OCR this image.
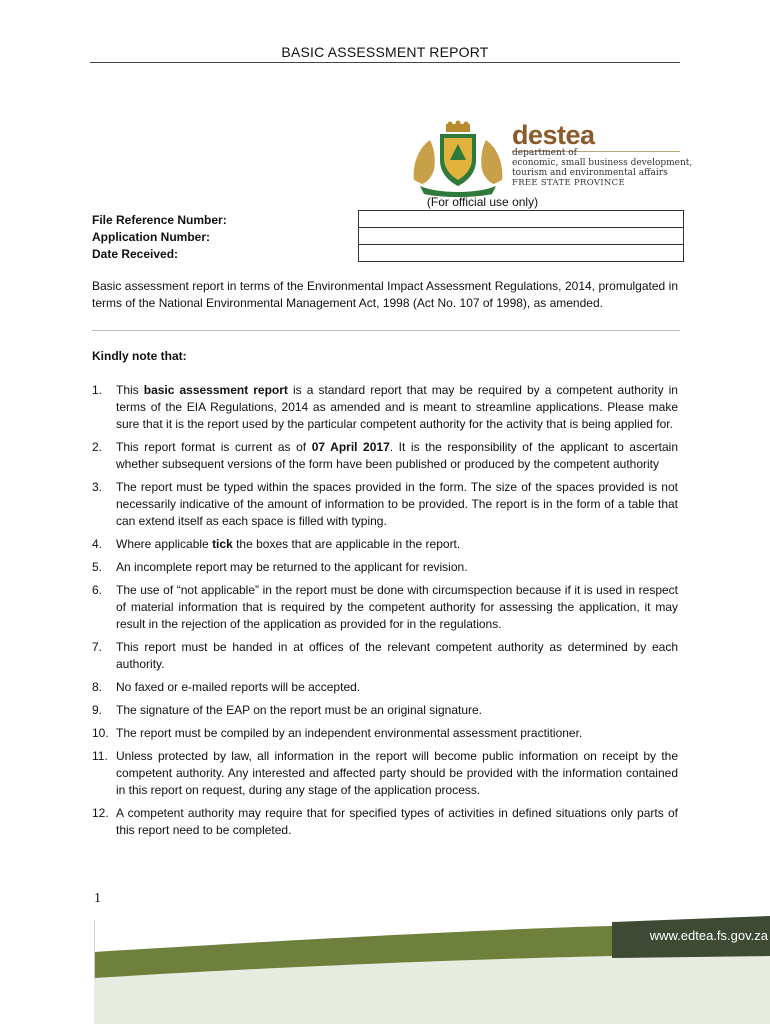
BASIC ASSESSMENT REPORT
destea
department of
economic, small business development,
tourism and environmental affairs
FREE STATE PROVINCE
(For official use only)
File Reference Number:
Application Number:
Date Received:

Basic assessment report in terms of the Environmental Impact Assessment Regulations, 2014, promulgated in terms of the National Environmental Management Act, 1998 (Act No. 107 of 1998), as amended.
Kindly note that:
1.	This basic assessment report is a standard report that may be required by a competent authority in terms of the EIA Regulations, 2014 as amended and is meant to streamline applications. Please make sure that it is the report used by the particular competent authority for the activity that is being applied for.
2.	This report format is current as of 07 April 2017. It is the responsibility of the applicant to ascertain whether subsequent versions of the form have been published or produced by the competent authority
3.	The report must be typed within the spaces provided in the form. The size of the spaces provided is not necessarily indicative of the amount of information to be provided. The report is in the form of a table that can extend itself as each space is filled with typing.
4.	Where applicable tick the boxes that are applicable in the report.
5.	An incomplete report may be returned to the applicant for revision.
6.	The use of “not applicable” in the report must be done with circumspection because if it is used in respect of material information that is required by the competent authority for assessing the application, it may result in the rejection of the application as provided for in the regulations.
7.	This report must be handed in at offices of the relevant competent authority as determined by each authority.
8.	No faxed or e-mailed reports will be accepted.
9.	The signature of the EAP on the report must be an original signature.
10. The report must be compiled by an independent environmental assessment practitioner.
11. Unless protected by law, all information in the report will become public information on receipt by the competent authority. Any interested and affected party should be provided with the information contained in this report on request, during any stage of the application process.
12. A competent authority may require that for specified types of activities in defined situations only parts of this report need to be completed.
1
www.edtea.fs.gov.za
